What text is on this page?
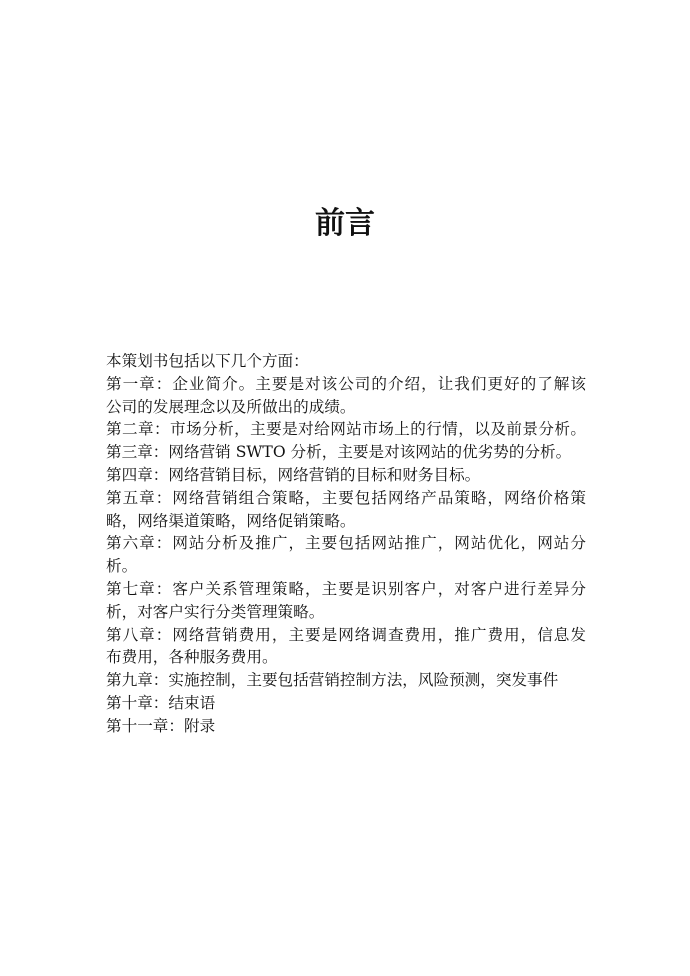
前言
本策划书包括以下几个方面：
第一章：企业简介。主要是对该公司的介绍，让我们更好的了解该
公司的发展理念以及所做出的成绩。
第二章：市场分析，主要是对给网站市场上的行情，以及前景分析。
第三章：网络营销 SWTO 分析，主要是对该网站的优劣势的分析。
第四章：网络营销目标，网络营销的目标和财务目标。
第五章：网络营销组合策略，主要包括网络产品策略，网络价格策
略，网络渠道策略，网络促销策略。
第六章：网站分析及推广，主要包括网站推广，网站优化，网站分
析。
第七章：客户关系管理策略，主要是识别客户，对客户进行差异分
析，对客户实行分类管理策略。
第八章：网络营销费用，主要是网络调查费用，推广费用，信息发
布费用，各种服务费用。
第九章：实施控制，主要包括营销控制方法，风险预测，突发事件
第十章：结束语
第十一章：附录
